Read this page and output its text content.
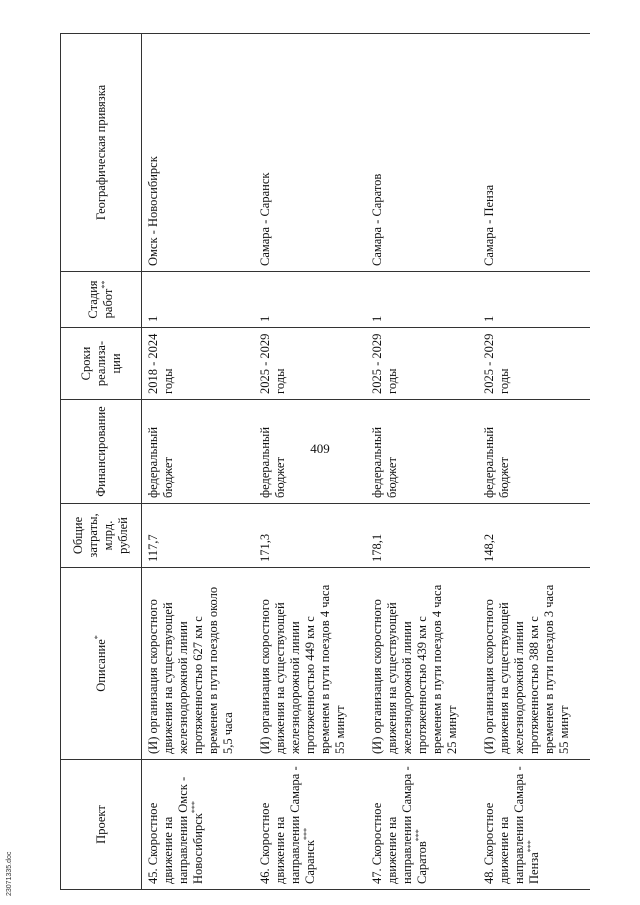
409
Проект	Описание*	Общие затраты, млрд. рублей	Финансирование	Сроки реализа-ции	Стадия работ**	Географическая привязка
45. Скоростное движение на направлении Омск - Новосибирск***	(И) организация скоростного движения на существующей железнодорожной линии протяженностью 627 км с временем в пути поездов около 5,5 часа	117,7	федеральный бюджет	2018 - 2024 годы	1	Омск - Новосибирск
46. Скоростное движение на направлении Самара - Саранск***	(И) организация скоростного движения на существующей железнодорожной линии протяженностью 449 км с временем в пути поездов 4 часа 55 минут	171,3	федеральный бюджет	2025 - 2029 годы	1	Самара - Саранск
47. Скоростное движение на направлении Самара - Саратов***	(И) организация скоростного движения на существующей железнодорожной линии протяженностью 439 км с временем в пути поездов 4 часа 25 минут	178,1	федеральный бюджет	2025 - 2029 годы	1	Самара - Саратов
48. Скоростное движение на направлении Самара - Пенза***	(И) организация скоростного движения на существующей железнодорожной линии протяженностью 388 км с временем в пути поездов 3 часа 55 минут	148,2	федеральный бюджет	2025 - 2029 годы	1	Самара - Пенза
23071335.doc
